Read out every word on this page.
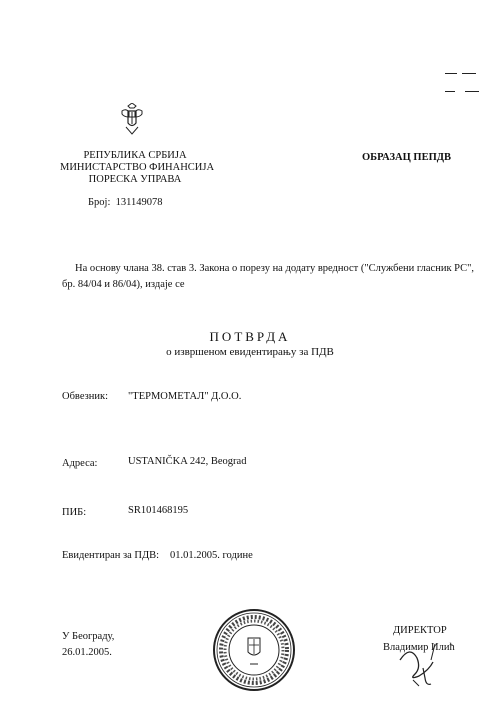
РЕПУБЛИКА СРБИЈА
МИНИСТАРСТВО ФИНАНСИЈА
ПОРЕСКА УПРАВА
ОБРАЗАЦ ПЕПДВ
Број: 131149078
На основу члана 38. став 3. Закона о порезу на додату вредност ("Службени гласник РС",
бр. 84/04 и 86/04), издаје се
ПОТВРДА
о извршеном евидентирању за ПДВ
Обвезник: "ТЕРМОМЕТАЛ" Д.О.О.
Адреса:	USTANIČKA 242, Beograd
ПИБ:	SR101468195
Евидентиран за ПДВ: 01.01.2005. године
У Београду,
26.01.2005.
ДИРЕКТОР
Владимир Илић
